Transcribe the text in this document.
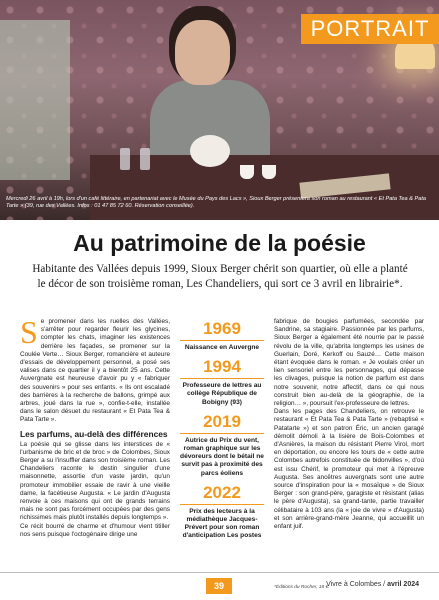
Mercredi 26 avril à 19h, lors d'un café littéraire, en partenariat avec le Musée du Pays des Lacs », Sioux Berger présentera son roman au restaurant « Et Pata Tea & Pata Tarte » (39, rue des Vallées. Infos : 01 47 85 72 60. Réservation conseillée).
PORTRAIT
Au patrimoine de la poésie

Habitante des Vallées depuis 1999, Sioux Berger chérit son quartier, où elle a planté le décor de son troisième roman, Les Chandeliers, qui sort ce 3 avril en librairie*.

Se promener dans les ruelles des Vallées, s'arrêter pour regarder fleurir les glycines, compter les chats, imaginer les existences derrière les façades, se promener sur la Coulée Verte… Sioux Berger, romancière et auteure d'essais de développement personnel, a posé ses valises dans ce quartier il y a bientôt 25 ans. Cette Auvergnate est heureuse d'avoir pu y « fabriquer des souvenirs » pour ses enfants. « Ils ont escaladé des barrières à la recherche de ballons, grimpé aux arbres, joué dans la rue », confie-t-elle, installée dans le salon désuet du restaurant « Et Pata Tea & Pata Tarte ».

Les parfums, au-delà des différences

La poésie qui se glisse dans les interstices de « l'urbanisme de bric et de broc » de Colombes, Sioux Berger a su l'insuffler dans son troisième roman. Les Chandeliers raconte le destin singulier d'une maisonnette, assortie d'un vaste jardin, qu'un promoteur immobilier essaie de ravir à une vieille dame, la facétieuse Augusta. « Le jardin d'Augusta renvoie à ces maisons qui ont de grands terrains mais ne sont pas forcément occupées par des gens richissimes mais plutôt installés depuis longtemps ».

Ce récit bourré de charme et d'humour vient titiller nos sens puisque l'octogénaire dirige une

1969
Naissance en Auvergne
1994
Professeure de lettres au collège République de Bobigny (93)
2019
Autrice du Prix du vent, roman graphique sur les dévoreurs dont le bétail ne survit pas à proximité des parcs éoliens
2022
Prix des lecteurs à la médiathèque Jacques-Prévert pour son roman d'anticipation Les postes

fabrique de bougies parfumées, secondée par Sandrine, sa stagiaire. Passionnée par les parfums, Sioux Berger a également été nourrie par le passé révolu de la ville, qu'abrita longtemps les usines de Guerlain, Doré, Kerkoff ou Sauzé… Cette maison étant évoquée dans le roman. « Je voulais créer un lien sensoriel entre les personnages, qui dépasse les clivages, puisque la notion de parfum est dans notre souvenir, notre affectif, dans ce qui nous construit bien au-delà de la géographie, de la religion… », poursuit l'ex-professeure de lettres.

Dans les pages des Chandeliers, on retrouve le restaurant « Et Pata Tea & Pata Tarte » (rebaptisé « Patatarte ») et son patron Éric, un ancien garagé démolit démoli à la lisière de Bois-Colombes et d'Asnières, la maison du résistant Pierre Virol, mort en déportation, ou encore les tours de « cette autre Colombes autrefois constituée de bidonvilles », d'où est issu Chérif, le promoteur qui met à l'épreuve Augusta. Ses ancêtres auvergnats sont une autre source d'inspiration pour la « mosaïque » de Sioux Berger : son grand-père, garagiste et résistant (alias le père d'Augusta), sa grand-tante, partie travailler célibataire à 103 ans (la « joie de vivre » d'Augusta) et son arrière-grand-mère Jeanne, qui accueillit un enfant juif.

*Éditions du Rocher, 18 €.
39	Vivre à Colombes / avril 2024
